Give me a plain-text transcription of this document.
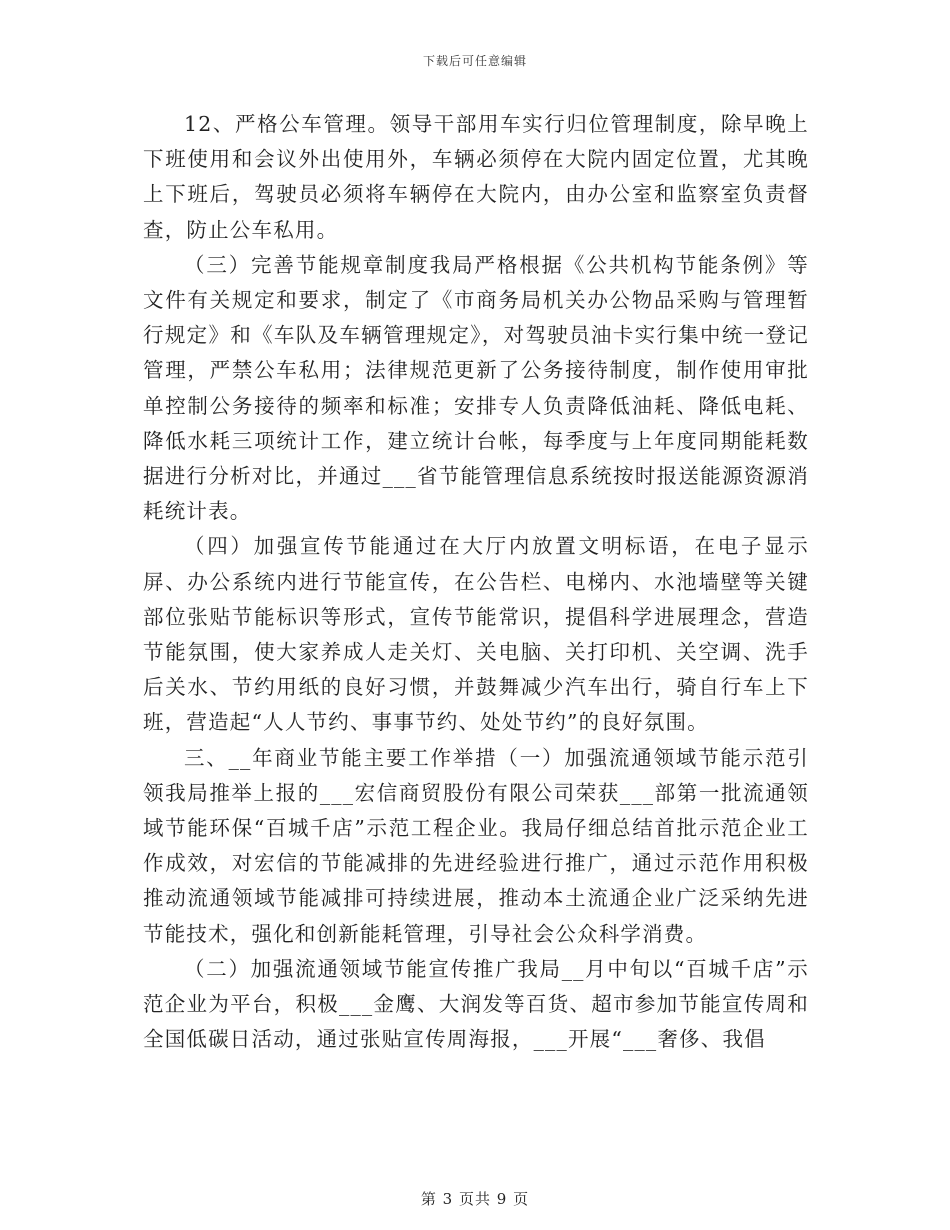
下载后可任意编辑

12、严格公车管理。领导干部用车实行归位管理制度，除早晚上下班使用和会议外出使用外，车辆必须停在大院内固定位置，尤其晚上下班后，驾驶员必须将车辆停在大院内，由办公室和监察室负责督查，防止公车私用。

（三）完善节能规章制度我局严格根据《公共机构节能条例》等文件有关规定和要求，制定了《市商务局机关办公物品采购与管理暂行规定》和《车队及车辆管理规定》，对驾驶员油卡实行集中统一登记管理，严禁公车私用；法律规范更新了公务接待制度，制作使用审批单控制公务接待的频率和标准；安排专人负责降低油耗、降低电耗、降低水耗三项统计工作，建立统计台帐，每季度与上年度同期能耗数据进行分析对比，并通过___省节能管理信息系统按时报送能源资源消耗统计表。

（四）加强宣传节能通过在大厅内放置文明标语，在电子显示屏、办公系统内进行节能宣传，在公告栏、电梯内、水池墙壁等关键部位张贴节能标识等形式，宣传节能常识，提倡科学进展理念，营造节能氛围，使大家养成人走关灯、关电脑、关打印机、关空调、洗手后关水、节约用纸的良好习惯，并鼓舞减少汽车出行，骑自行车上下班，营造起“人人节约、事事节约、处处节约”的良好氛围。

三、__年商业节能主要工作举措（一）加强流通领域节能示范引领我局推举上报的___宏信商贸股份有限公司荣获___部第一批流通领域节能环保“百城千店”示范工程企业。我局仔细总结首批示范企业工作成效，对宏信的节能减排的先进经验进行推广，通过示范作用积极推动流通领域节能减排可持续进展，推动本土流通企业广泛采纳先进节能技术，强化和创新能耗管理，引导社会公众科学消费。

（二）加强流通领域节能宣传推广我局__月中旬以“百城千店”示范企业为平台，积极___金鹰、大润发等百货、超市参加节能宣传周和全国低碳日活动，通过张贴宣传周海报，___开展“___奢侈、我倡

第 3 页共 9 页
